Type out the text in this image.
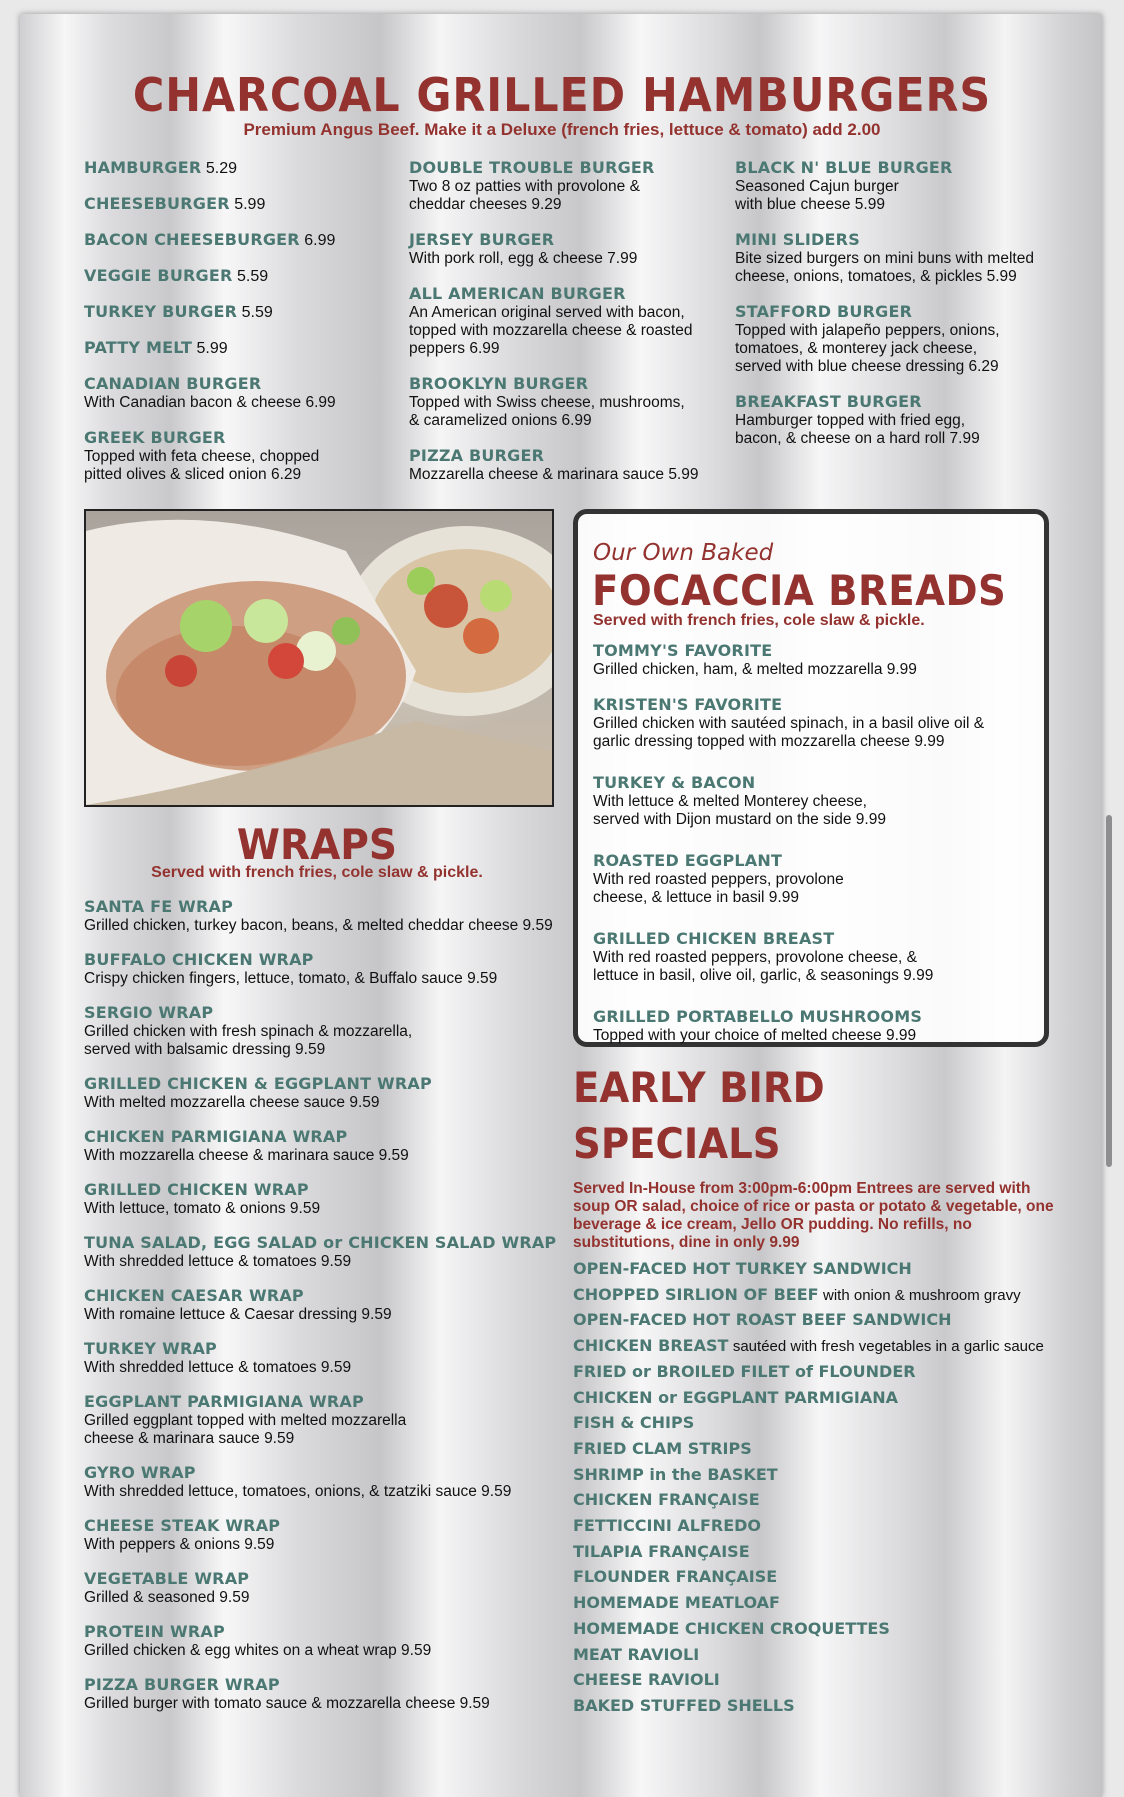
CHARCOAL GRILLED HAMBURGERS
Premium Angus Beef. Make it a Deluxe (french fries, lettuce & tomato) add 2.00
HAMBURGER 5.29
CHEESEBURGER 5.99
BACON CHEESEBURGER 6.99
VEGGIE BURGER 5.59
TURKEY BURGER 5.59
PATTY MELT 5.99
CANADIAN BURGER
With Canadian bacon & cheese 6.99
GREEK BURGER
Topped with feta cheese, chopped pitted olives & sliced onion 6.29
DOUBLE TROUBLE BURGER
Two 8 oz patties with provolone & cheddar cheeses 9.29
JERSEY BURGER
With pork roll, egg & cheese 7.99
ALL AMERICAN BURGER
An American original served with bacon, topped with mozzarella cheese & roasted peppers 6.99
BROOKLYN BURGER
Topped with Swiss cheese, mushrooms, & caramelized onions 6.99
PIZZA BURGER
Mozzarella cheese & marinara sauce 5.99
BLACK N' BLUE BURGER
Seasoned Cajun burger with blue cheese 5.99
MINI SLIDERS
Bite sized burgers on mini buns with melted cheese, onions, tomatoes, & pickles 5.99
STAFFORD BURGER
Topped with jalapeño peppers, onions, tomatoes, & monterey jack cheese, served with blue cheese dressing 6.29
BREAKFAST BURGER
Hamburger topped with fried egg, bacon, & cheese on a hard roll 7.99
Our Own Baked
FOCACCIA BREADS
Served with french fries, cole slaw & pickle.
TOMMY'S FAVORITE
Grilled chicken, ham, & melted mozzarella 9.99
KRISTEN'S FAVORITE
Grilled chicken with sautéed spinach, in a basil olive oil & garlic dressing topped with mozzarella cheese 9.99
TURKEY & BACON
With lettuce & melted Monterey cheese, served with Dijon mustard on the side 9.99
ROASTED EGGPLANT
With red roasted peppers, provolone cheese, & lettuce in basil 9.99
GRILLED CHICKEN BREAST
With red roasted peppers, provolone cheese, & lettuce in basil, olive oil, garlic, & seasonings 9.99
GRILLED PORTABELLO MUSHROOMS
Topped with your choice of melted cheese 9.99
WRAPS
Served with french fries, cole slaw & pickle.
SANTA FE WRAP
Grilled chicken, turkey bacon, beans, & melted cheddar cheese 9.59
BUFFALO CHICKEN WRAP
Crispy chicken fingers, lettuce, tomato, & Buffalo sauce 9.59
SERGIO WRAP
Grilled chicken with fresh spinach & mozzarella, served with balsamic dressing 9.59
GRILLED CHICKEN & EGGPLANT WRAP
With melted mozzarella cheese sauce 9.59
CHICKEN PARMIGIANA WRAP
With mozzarella cheese & marinara sauce 9.59
GRILLED CHICKEN WRAP
With lettuce, tomato & onions 9.59
TUNA SALAD, EGG SALAD or CHICKEN SALAD WRAP
With shredded lettuce & tomatoes 9.59
CHICKEN CAESAR WRAP
With romaine lettuce & Caesar dressing 9.59
TURKEY WRAP
With shredded lettuce & tomatoes 9.59
EGGPLANT PARMIGIANA WRAP
Grilled eggplant topped with melted mozzarella cheese & marinara sauce 9.59
GYRO WRAP
With shredded lettuce, tomatoes, onions, & tzatziki sauce 9.59
CHEESE STEAK WRAP
With peppers & onions 9.59
VEGETABLE WRAP
Grilled & seasoned 9.59
PROTEIN WRAP
Grilled chicken & egg whites on a wheat wrap 9.59
PIZZA BURGER WRAP
Grilled burger with tomato sauce & mozzarella cheese 9.59
EARLY BIRD
SPECIALS
Served In-House from 3:00pm-6:00pm Entrees are served with soup OR salad, choice of rice or pasta or potato & vegetable, one beverage & ice cream, Jello OR pudding. No refills, no substitutions, dine in only 9.99
OPEN-FACED HOT TURKEY SANDWICH
CHOPPED SIRLION OF BEEF with onion & mushroom gravy
OPEN-FACED HOT ROAST BEEF SANDWICH
CHICKEN BREAST sautéed with fresh vegetables in a garlic sauce
FRIED or BROILED FILET of FLOUNDER
CHICKEN or EGGPLANT PARMIGIANA
FISH & CHIPS
FRIED CLAM STRIPS
SHRIMP in the BASKET
CHICKEN FRANÇAISE
FETTICCINI ALFREDO
TILAPIA FRANÇAISE
FLOUNDER FRANÇAISE
HOMEMADE MEATLOAF
HOMEMADE CHICKEN CROQUETTES
MEAT RAVIOLI
CHEESE RAVIOLI
BAKED STUFFED SHELLS
